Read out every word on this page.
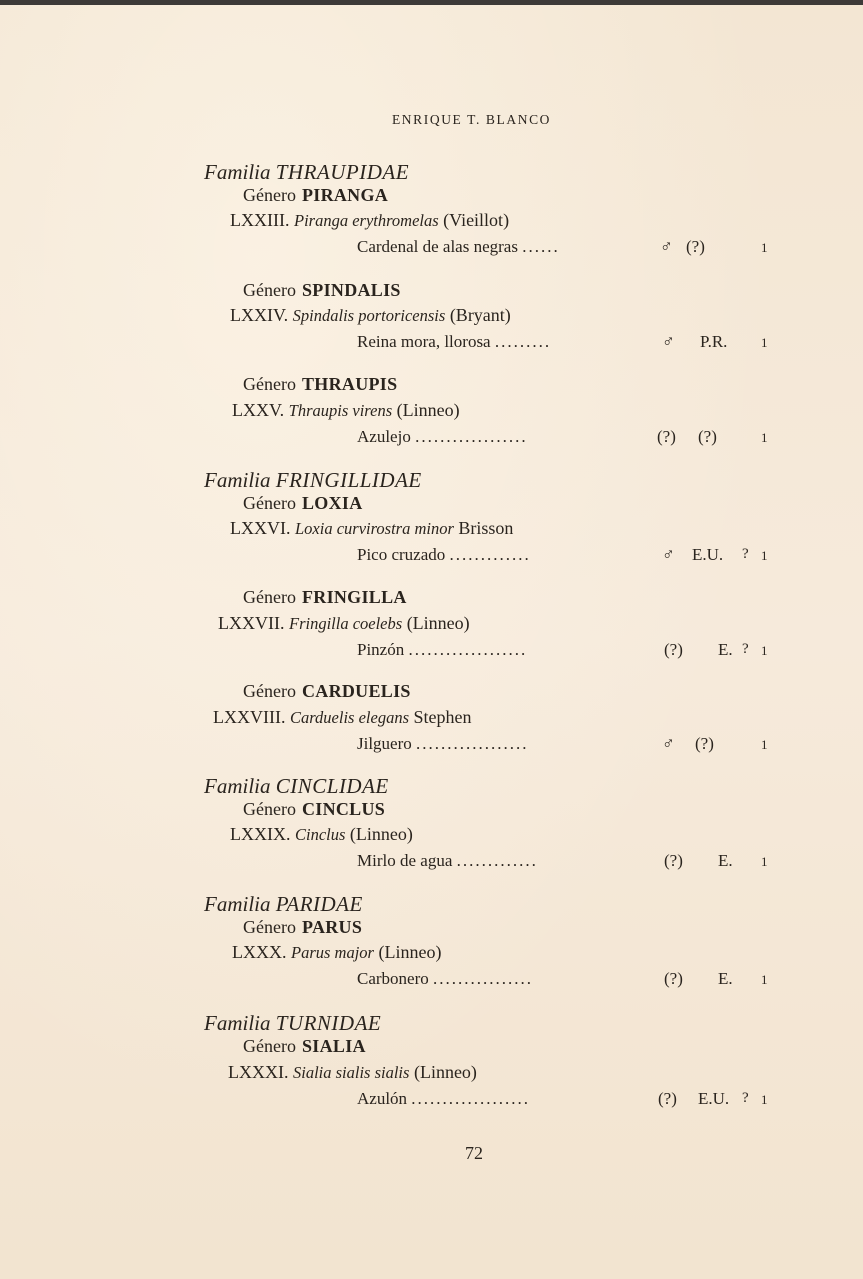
ENRIQUE T. BLANCO
Familia THRAUPIDAE
Género PIRANGA
LXXIII. Piranga erythromelas (Vieillot)
Cardenal de alas negras ......	♂ (?)	1
Género SPINDALIS
LXXIV. Spindalis portoricensis (Bryant)
Reina mora, llorosa .........	♂ P.R.	1
Género THRAUPIS
LXXV. Thraupis virens (Linneo)
Azulejo ..................	(?) (?)	1
Familia FRINGILLIDAE
Género LOXIA
LXXVI. Loxia curvirostra minor Brisson
Pico cruzado .............	♂ E.U. ? 1
Género FRINGILLA
LXXVII. Fringilla coelebs (Linneo)
Pinzón ...................	(?) E. ? 1
Género CARDUELIS
LXXVIII. Carduelis elegans Stephen
Jilguero ..................	♂ (?)	1
Familia CINCLIDAE
Género CINCLUS
LXXIX. Cinclus (Linneo)
Mirlo de agua .............	(?) E. 1
Familia PARIDAE
Género PARUS
LXXX. Parus major (Linneo)
Carbonero ................	(?) E. 1
Familia TURNIDAE
Género SIALIA
LXXXI. Sialia sialis sialis (Linneo)
Azulón ...................	(?) E.U. ? 1
72
